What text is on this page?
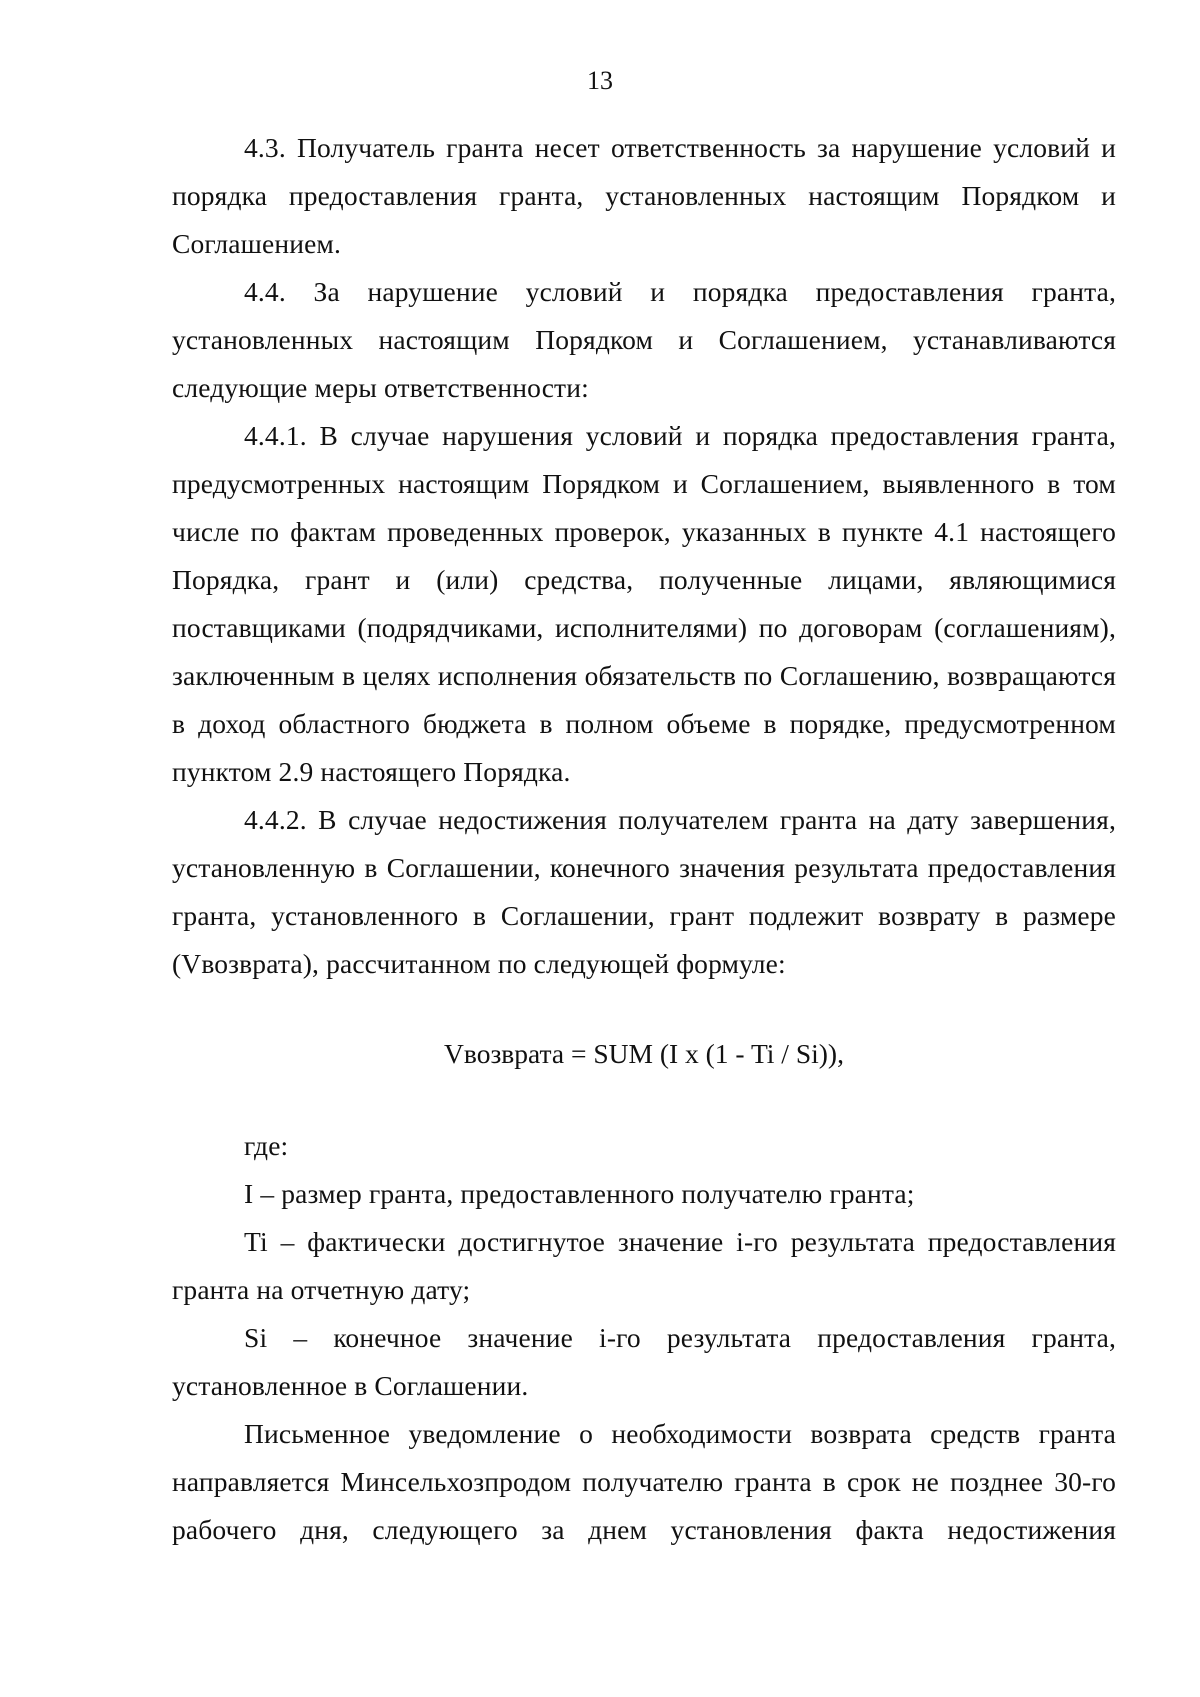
13

4.3. Получатель гранта несет ответственность за нарушение условий и порядка предоставления гранта, установленных настоящим Порядком и Соглашением.

4.4. За нарушение условий и порядка предоставления гранта, установленных настоящим Порядком и Соглашением, устанавливаются следующие меры ответственности:

4.4.1. В случае нарушения условий и порядка предоставления гранта, предусмотренных настоящим Порядком и Соглашением, выявленного в том числе по фактам проведенных проверок, указанных в пункте 4.1 настоящего Порядка, грант и (или) средства, полученные лицами, являющимися поставщиками (подрядчиками, исполнителями) по договорам (соглашениям), заключенным в целях исполнения обязательств по Соглашению, возвращаются в доход областного бюджета в полном объеме в порядке, предусмотренном пунктом 2.9 настоящего Порядка.

4.4.2. В случае недостижения получателем гранта на дату завершения, установленную в Соглашении, конечного значения результата предоставления гранта, установленного в Соглашении, грант подлежит возврату в размере (Vвозврата), рассчитанном по следующей формуле:

Vвозврата = SUM (I x (1 - Ti / Si)),

где:

I – размер гранта, предоставленного получателю гранта;

Ti – фактически достигнутое значение i-го результата предоставления гранта на отчетную дату;

Si – конечное значение i-го результата предоставления гранта, установленное в Соглашении.

Письменное уведомление о необходимости возврата средств гранта направляется Минсельхозпродом получателю гранта в срок не позднее 30-го рабочего дня, следующего за днем установления факта недостижения
